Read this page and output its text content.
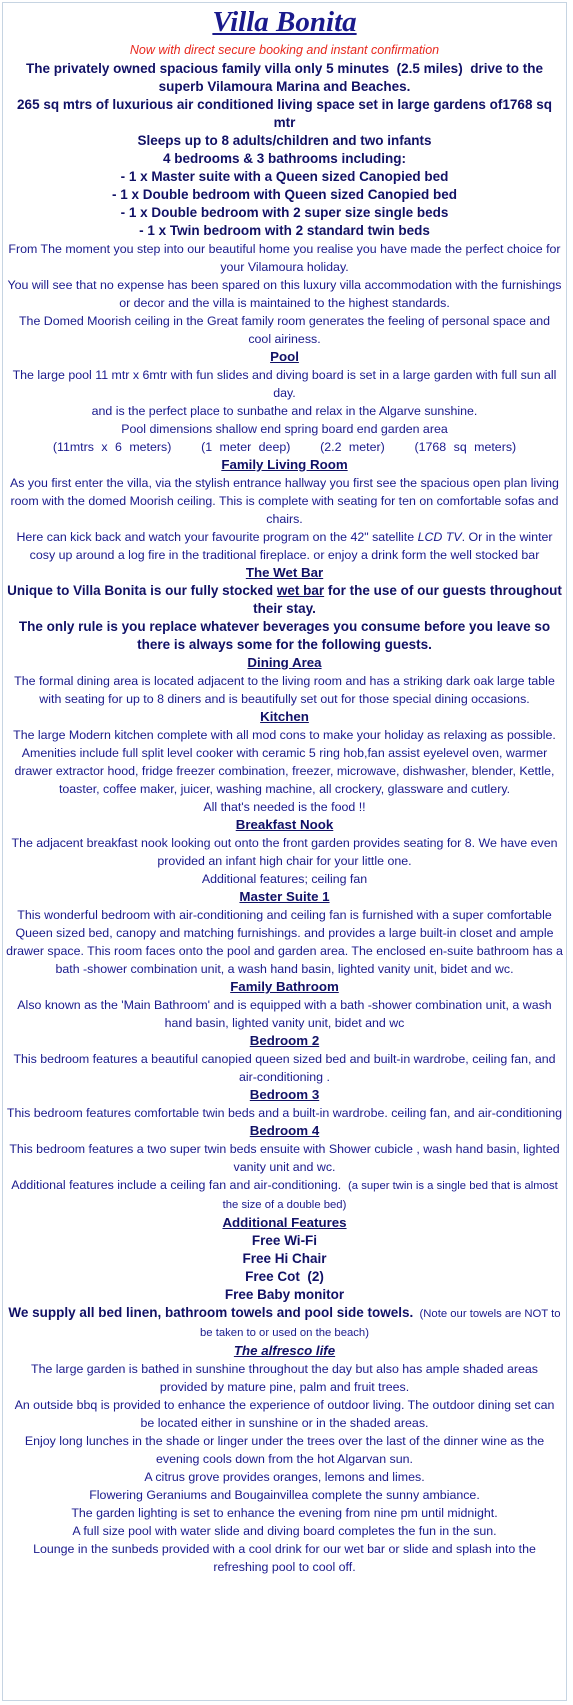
Villa Bonita

Now with direct secure booking and instant confirmation

The privately owned spacious family villa only 5 minutes  (2.5 miles)  drive to the superb Vilamoura Marina and Beaches.

265 sq mtrs of luxurious air conditioned living space set in large gardens of1768 sq mtr

Sleeps up to 8 adults/children and two infants

4 bedrooms & 3 bathrooms including:

- 1 x Master suite with a Queen sized Canopied bed

- 1 x Double bedroom with Queen sized Canopied bed

- 1 x Double bedroom with 2 super size single beds

- 1 x Twin bedroom with 2 standard twin beds

From The moment you step into our beautiful home you realise you have made the perfect choice for your Vilamoura holiday.

You will see that no expense has been spared on this luxury villa accommodation with the furnishings or decor and the villa is maintained to the highest standards.

The Domed Moorish ceiling in the Great family room generates the feeling of personal space and cool airiness.

Pool

The large pool 11 mtr x 6mtr with fun slides and diving board is set in a large garden with full sun all day.

and is the perfect place to sunbathe and relax in the Algarve sunshine.

Pool dimensions shallow end spring board end garden area

(11mtrs x 6 meters)    (1 meter deep)    (2.2 meter)    (1768 sq meters)

Family Living Room

As you first enter the villa, via the stylish entrance hallway you first see the spacious open plan living room with the domed Moorish ceiling. This is complete with seating for ten on comfortable sofas and chairs.

Here can kick back and watch your favourite program on the 42" satellite LCD TV. Or in the winter cosy up around a log fire in the traditional fireplace. or enjoy a drink form the well stocked bar

The Wet Bar

Unique to Villa Bonita is our fully stocked wet bar for the use of our guests throughout their stay.

The only rule is you replace whatever beverages you consume before you leave so there is always some for the following guests.

Dining Area

The formal dining area is located adjacent to the living room and has a striking dark oak large table with seating for up to 8 diners and is beautifully set out for those special dining occasions.

Kitchen

The large Modern kitchen complete with all mod cons to make your holiday as relaxing as possible. Amenities include full split level cooker with ceramic 5 ring hob,fan assist eyelevel oven, warmer drawer extractor hood, fridge freezer combination, freezer, microwave, dishwasher, blender, Kettle, toaster, coffee maker, juicer, washing machine, all crockery, glassware and cutlery.

All that's needed is the food !!

Breakfast Nook

The adjacent breakfast nook looking out onto the front garden provides seating for 8. We have even provided an infant high chair for your little one.

Additional features; ceiling fan

Master Suite 1

This wonderful bedroom with air-conditioning and ceiling fan is furnished with a super comfortable Queen sized bed, canopy and matching furnishings. and provides a large built-in closet and ample drawer space. This room faces onto the pool and garden area. The enclosed en-suite bathroom has a bath -shower combination unit, a wash hand basin, lighted vanity unit, bidet and wc.

Family Bathroom

Also known as the 'Main Bathroom' and is equipped with a bath -shower combination unit, a wash hand basin, lighted vanity unit, bidet and wc

Bedroom 2

This bedroom features a beautiful canopied queen sized bed and built-in wardrobe, ceiling fan, and air-conditioning .

Bedroom 3

This bedroom features comfortable twin beds and a built-in wardrobe. ceiling fan, and air-conditioning

Bedroom 4

This bedroom features a two super twin beds ensuite with Shower cubicle , wash hand basin, lighted vanity unit and wc.

Additional features include a ceiling fan and air-conditioning.  (a super twin is a single bed that is almost the size of a double bed)

Additional Features

Free Wi-Fi

Free Hi Chair

Free Cot  (2)

Free Baby monitor

We supply all bed linen, bathroom towels and pool side towels.  (Note our towels are NOT to be taken to or used on the beach)

The alfresco life

The large garden is bathed in sunshine throughout the day but also has ample shaded areas provided by mature pine, palm and fruit trees.

An outside bbq is provided to enhance the experience of outdoor living. The outdoor dining set can be located either in sunshine or in the shaded areas.

Enjoy long lunches in the shade or linger under the trees over the last of the dinner wine as the evening cools down from the hot Algarvan sun.

A citrus grove provides oranges, lemons and limes.

Flowering Geraniums and Bougainvillea complete the sunny ambiance.

The garden lighting is set to enhance the evening from nine pm until midnight.

A full size pool with water slide and diving board completes the fun in the sun.

Lounge in the sunbeds provided with a cool drink for our wet bar or slide and splash into the refreshing pool to cool off.
